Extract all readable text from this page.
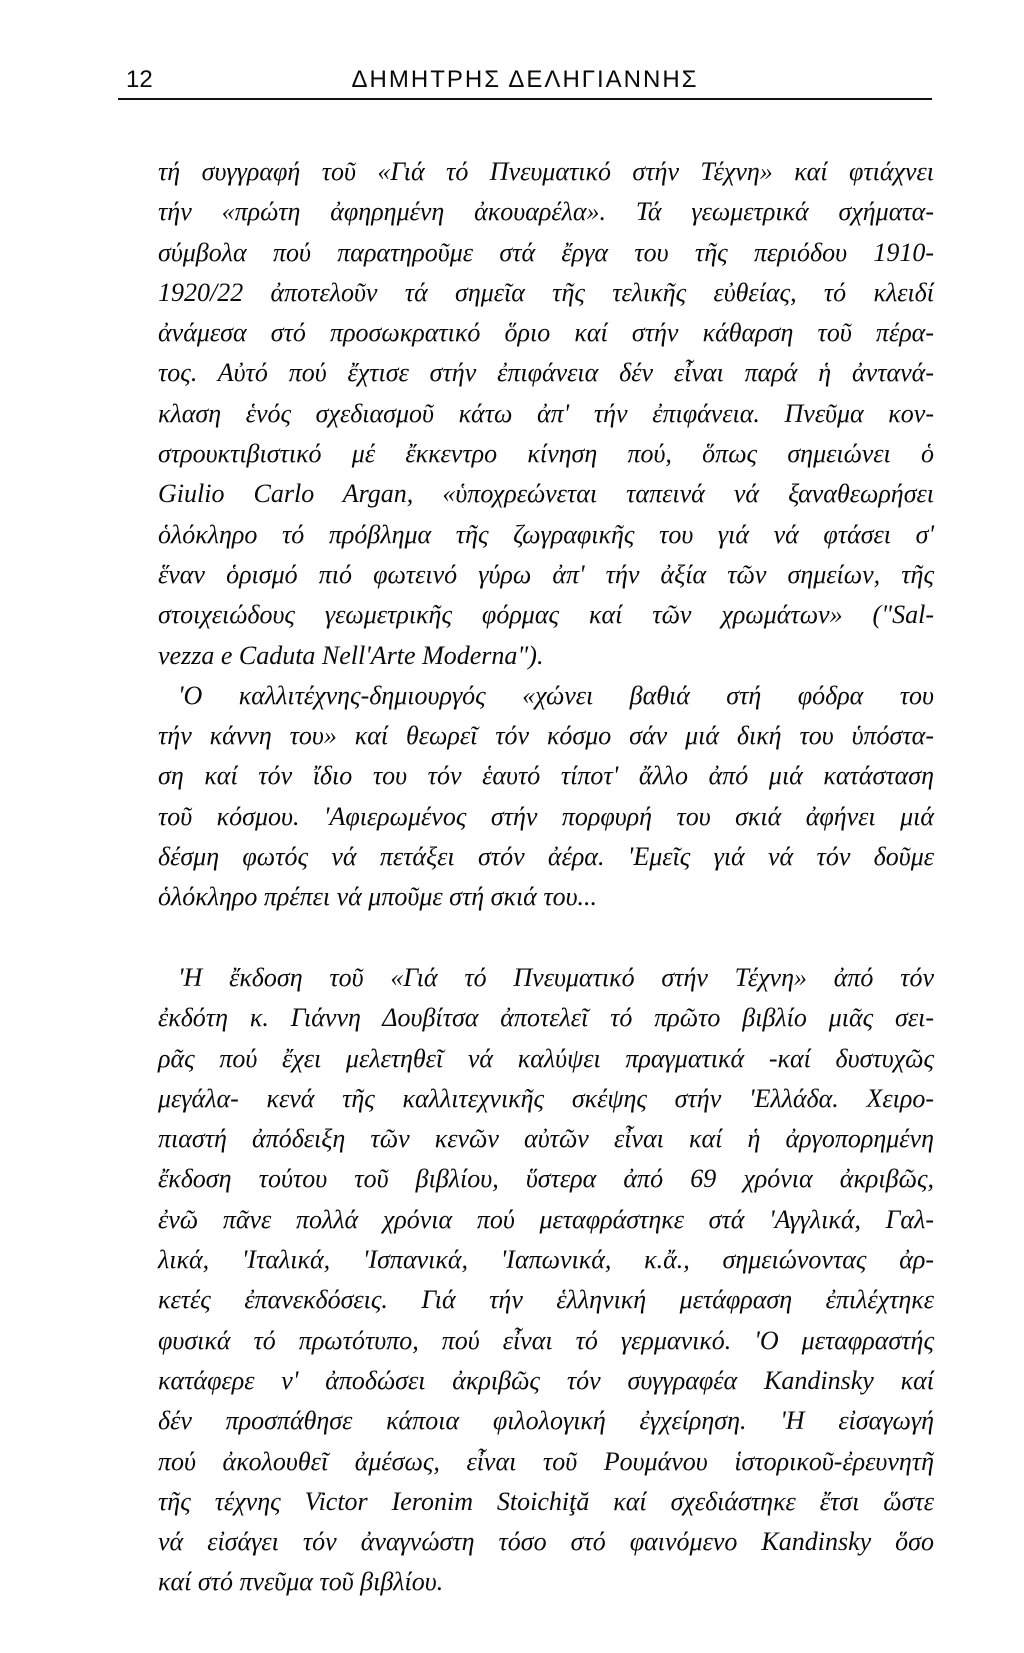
12	ΔΗΜΗΤΡΗΣ ΔΕΛΗΓΙΑΝΝΗΣ
τή συγγραφή τοῦ «Γιά τό Πνευματικό στήν Τέχνη» καί φτιάχνει
τήν «πρώτη ἀφηρημένη ἀκουαρέλα». Τά γεωμετρικά σχήματα-
σύμβολα πού παρατηροῦμε στά ἔργα του τῆς περιόδου 1910-
1920/22 ἀποτελοῦν τά σημεῖα τῆς τελικῆς εὐθείας, τό κλειδί
ἀνάμεσα στό προσωκρατικό ὅριο καί στήν κάθαρση τοῦ πέρα-
τος. Αὐτό πού ἔχτισε στήν ἐπιφάνεια δέν εἶναι παρά ἡ ἀντανά-
κλαση ἑνός σχεδιασμοῦ κάτω ἀπ' τήν ἐπιφάνεια. Πνεῦμα κον-
στρουκτιβιστικό μέ ἔκκεντρο κίνηση πού, ὅπως σημειώνει ὁ
Giulio Carlo Argan, «ὑποχρεώνεται ταπεινά νά ξαναθεωρήσει
ὁλόκληρο τό πρόβλημα τῆς ζωγραφικῆς του γιά νά φτάσει σ'
ἕναν ὁρισμό πιό φωτεινό γύρω ἀπ' τήν ἀξία τῶν σημείων, τῆς
στοιχειώδους γεωμετρικῆς φόρμας καί τῶν χρωμάτων» ("Sal-
vezza e Caduta Nell'Arte Moderna").
'Ο καλλιτέχνης-δημιουργός «χώνει βαθιά στή φόδρα του
τήν κάννη του» καί θεωρεῖ τόν κόσμο σάν μιά δική του ὑπόστα-
ση καί τόν ἴδιο του τόν ἑαυτό τίποτ' ἄλλο ἀπό μιά κατάσταση
τοῦ κόσμου. 'Αφιερωμένος στήν πορφυρή του σκιά ἀφήνει μιά
δέσμη φωτός νά πετάξει στόν ἀέρα. 'Εμεῖς γιά νά τόν δοῦμε
ὁλόκληρο πρέπει νά μποῦμε στή σκιά του...
'Η ἔκδοση τοῦ «Γιά τό Πνευματικό στήν Τέχνη» ἀπό τόν
ἐκδότη κ. Γιάννη Δουβίτσα ἀποτελεῖ τό πρῶτο βιβλίο μιᾶς σει-
ρᾶς πού ἔχει μελετηθεῖ νά καλύψει πραγματικά -καί δυστυχῶς
μεγάλα- κενά τῆς καλλιτεχνικῆς σκέψης στήν 'Ελλάδα. Χειρο-
πιαστή ἀπόδειξη τῶν κενῶν αὐτῶν εἶναι καί ἡ ἀργοπορημένη
ἔκδοση τούτου τοῦ βιβλίου, ὕστερα ἀπό 69 χρόνια ἀκριβῶς,
ἐνῶ πᾶνε πολλά χρόνια πού μεταφράστηκε στά 'Αγγλικά, Γαλ-
λικά, 'Ιταλικά, 'Ισπανικά, 'Ιαπωνικά, κ.ἄ., σημειώνοντας ἀρ-
κετές ἐπανεκδόσεις. Γιά τήν ἑλληνική μετάφραση ἐπιλέχτηκε
φυσικά τό πρωτότυπο, πού εἶναι τό γερμανικό. 'Ο μεταφραστής
κατάφερε ν' ἀποδώσει ἀκριβῶς τόν συγγραφέα Kandinsky καί
δέν προσπάθησε κάποια φιλολογική ἐγχείρηση. 'Η εἰσαγωγή
πού ἀκολουθεῖ ἀμέσως, εἶναι τοῦ Ρουμάνου ἱστορικοῦ-ἐρευνητῆ
τῆς τέχνης Victor Ieronim Stoichiţă καί σχεδιάστηκε ἔτσι ὥστε
νά εἰσάγει τόν ἀναγνώστη τόσο στό φαινόμενο Kandinsky ὅσο
καί στό πνεῦμα τοῦ βιβλίου.
